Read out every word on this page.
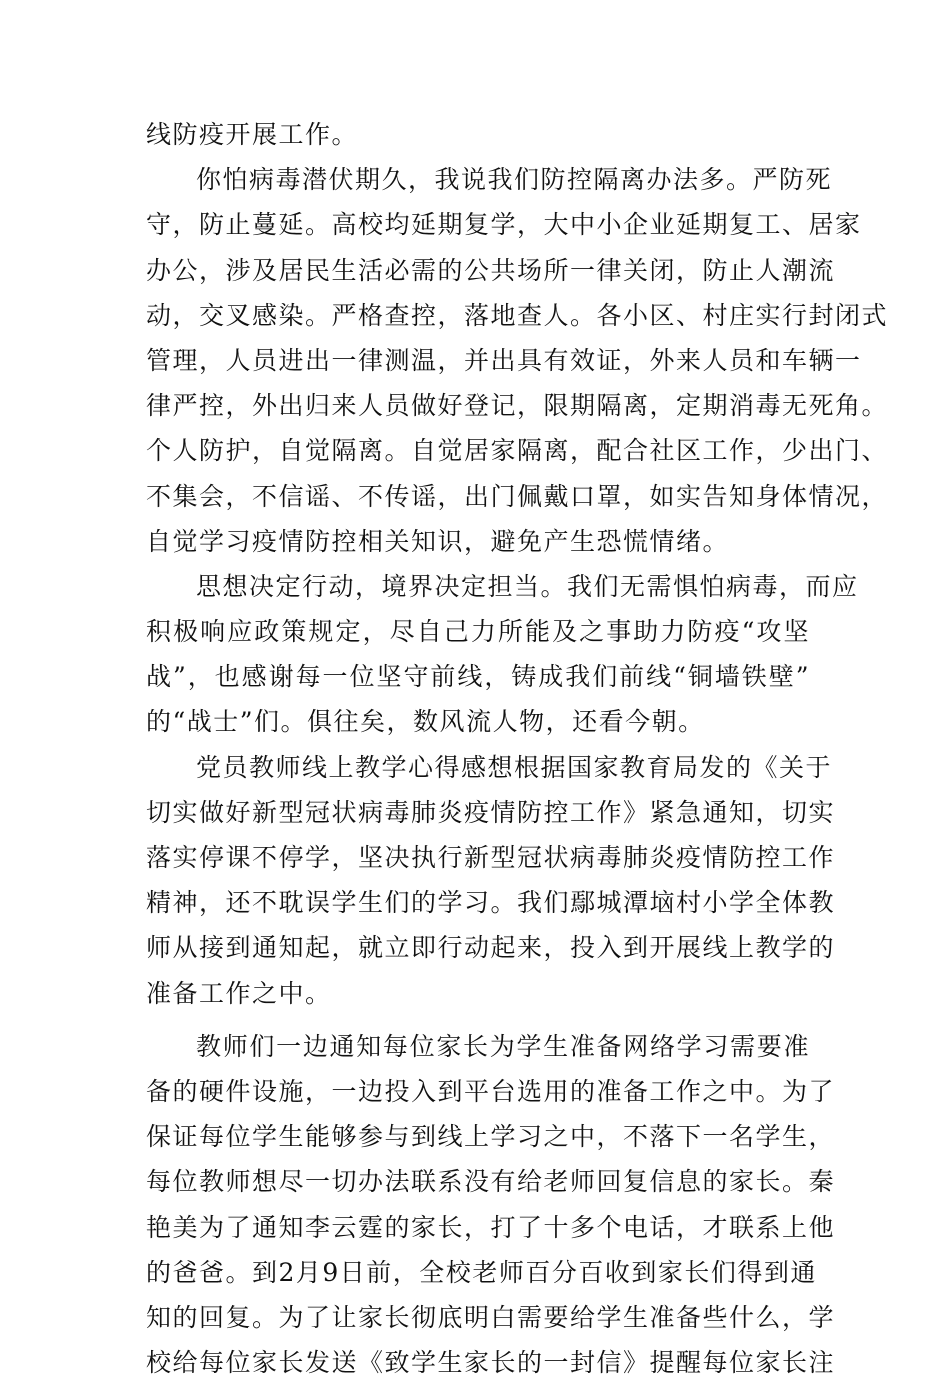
线防疫开展工作。
你怕病毒潜伏期久，我说我们防控隔离办法多。严防死
守，防止蔓延。高校均延期复学，大中小企业延期复工、居家
办公，涉及居民生活必需的公共场所一律关闭，防止人潮流
动，交叉感染。严格查控，落地查人。各小区、村庄实行封闭式
管理，人员进出一律测温，并出具有效证，外来人员和车辆一
律严控，外出归来人员做好登记，限期隔离，定期消毒无死角。
个人防护，自觉隔离。自觉居家隔离，配合社区工作，少出门、
不集会，不信谣、不传谣，出门佩戴口罩，如实告知身体情况，
自觉学习疫情防控相关知识，避免产生恐慌情绪。
思想决定行动，境界决定担当。我们无需惧怕病毒，而应
积极响应政策规定，尽自己力所能及之事助力防疫“攻坚
战”，也感谢每一位坚守前线，铸成我们前线“铜墙铁壁”
的“战士”们。俱往矣，数风流人物，还看今朝。
党员教师线上教学心得感想根据国家教育局发的《关于
切实做好新型冠状病毒肺炎疫情防控工作》紧急通知，切实
落实停课不停学，坚决执行新型冠状病毒肺炎疫情防控工作
精神，还不耽误学生们的学习。我们鄢城潭垴村小学全体教
师从接到通知起，就立即行动起来，投入到开展线上教学的
准备工作之中。
教师们一边通知每位家长为学生准备网络学习需要准
备的硬件设施，一边投入到平台选用的准备工作之中。为了
保证每位学生能够参与到线上学习之中，不落下一名学生，
每位教师想尽一切办法联系没有给老师回复信息的家长。秦
艳美为了通知李云霆的家长，打了十多个电话，才联系上他
的爸爸。到2月9日前，全校老师百分百收到家长们得到通
知的回复。为了让家长彻底明白需要给学生准备些什么，学
校给每位家长发送《致学生家长的一封信》提醒每位家长注
